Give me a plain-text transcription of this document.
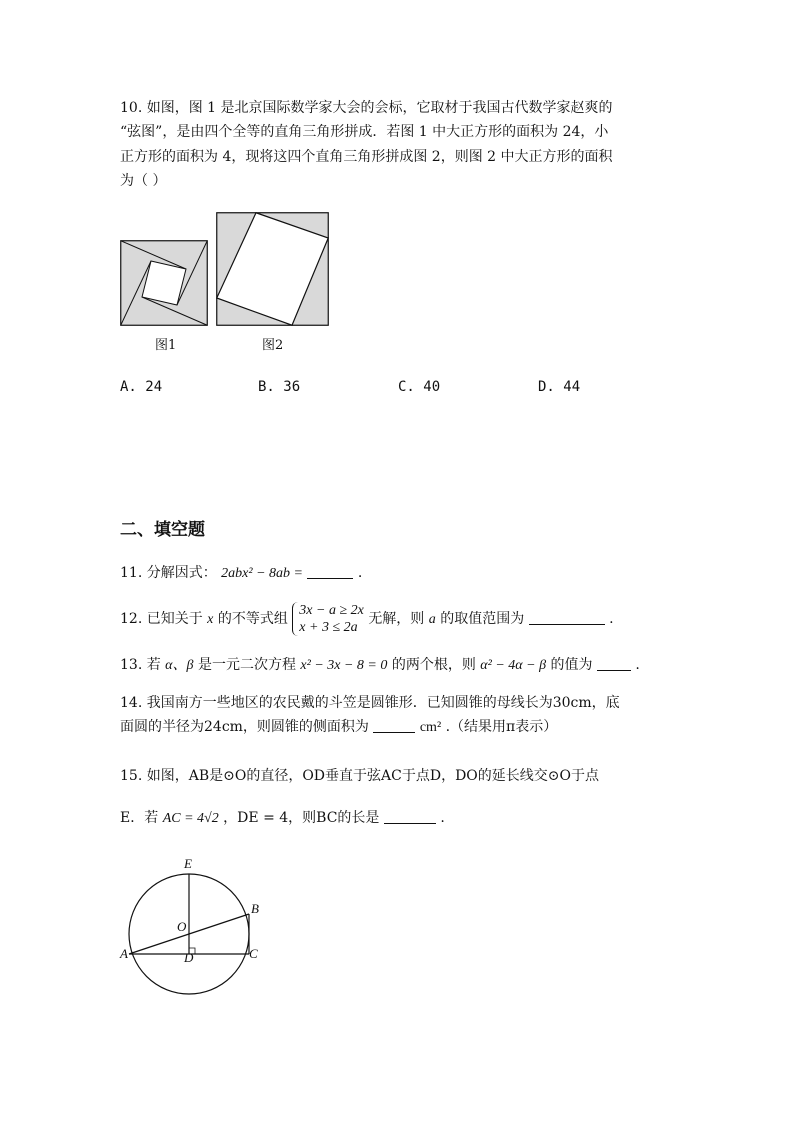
10. 如图，图 1 是北京国际数学家大会的会标，它取材于我国古代数学家赵爽的
“弦图”，是由四个全等的直角三角形拼成．若图 1 中大正方形的面积为 24，小
正方形的面积为 4，现将这四个直角三角形拼成图 2，则图 2 中大正方形的面积
为（ ）
图1	图2
A. 24	B. 36	C. 40	D. 44
二、填空题
11. 分解因式： 2abx² − 8ab =	.
12. 已知关于 x 的不等式组
3x − a ≥ 2x
x + 3 ≤ 2a
无解，则 a 的取值范围为	.
13. 若 α、β 是一元二次方程 x² − 3x − 8 = 0 的两个根，则 α² − 4α − β 的值为	.
14. 我国南方一些地区的农民戴的斗笠是圆锥形．已知圆锥的母线长为30cm，底
面圆的半径为24cm，则圆锥的侧面积为	cm² .（结果用π表示）
15. 如图，AB是⊙O的直径，OD垂直于弦AC于点D，DO的延长线交⊙O于点
E．若 AC = 4√2 ，DE = 4，则BC的长是	.
E
B
O
A	D	C
